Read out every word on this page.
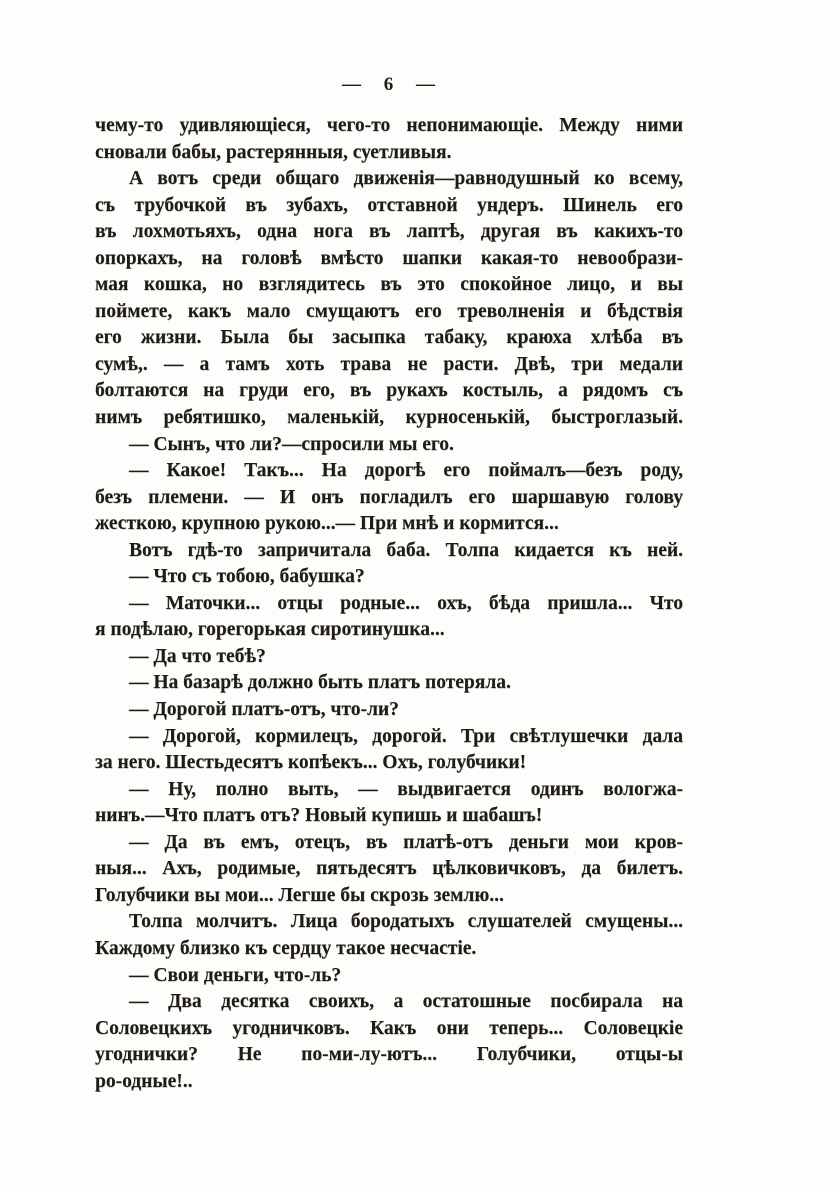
— 6 —
чему-то удивляющіеся, чего-то непонимающіе. Между ними
сновали бабы, растерянныя, суетливыя.
А вотъ среди общаго движенія—равнодушный ко всему,
съ трубочкой въ зубахъ, отставной ундеръ. Шинель его
въ лохмотьяхъ, одна нога въ лаптѣ, другая въ какихъ-то
опоркахъ, на головѣ вмѣсто шапки какая-то невообрази-
мая кошка, но взглядитесь въ это спокойное лицо, и вы
поймете, какъ мало смущаютъ его треволненія и бѣдствія
его жизни. Была бы засыпка табаку, краюха хлѣба въ
сумѣ,. — а тамъ хоть трава не расти. Двѣ, три медали
болтаются на груди его, въ рукахъ костыль, а рядомъ съ
нимъ ребятишко, маленькій, курносенькій, быстроглазый.
— Сынъ, что ли?—спросили мы его.
— Какое! Такъ... На дорогѣ его поймалъ—безъ роду,
безъ племени. — И онъ погладилъ его шаршавую голову
жесткою, крупною рукою...— При мнѣ и кормится...
Вотъ гдѣ-то запричитала баба. Толпа кидается къ ней.
— Что съ тобою, бабушка?
— Маточки... отцы родные... охъ, бѣда пришла... Что
я подѣлаю, горегорькая сиротинушка...
— Да что тебѣ?
— На базарѣ должно быть платъ потеряла.
— Дорогой платъ-отъ, что-ли?
— Дорогой, кормилецъ, дорогой. Три свѣтлушечки дала
за него. Шестьдесятъ копѣекъ... Охъ, голубчики!
— Ну, полно выть, — выдвигается одинъ вологжа-
нинъ.—Что платъ отъ? Новый купишь и шабашъ!
— Да въ емъ, отецъ, въ платѣ-отъ деньги мои кров-
ныя... Ахъ, родимые, пятьдесятъ цѣлковичковъ, да билетъ.
Голубчики вы мои... Легше бы скрозь землю...
Толпа молчитъ. Лица бородатыхъ слушателей смущены...
Каждому близко къ сердцу такое несчастіе.
— Свои деньги, что-ль?
— Два десятка своихъ, а остатошные посбирала на
Соловецкихъ угодничковъ. Какъ они теперь... Соловецкіе
угоднички? Не по-ми-лу-ютъ... Голубчики, отцы-ы
ро-одные!..
